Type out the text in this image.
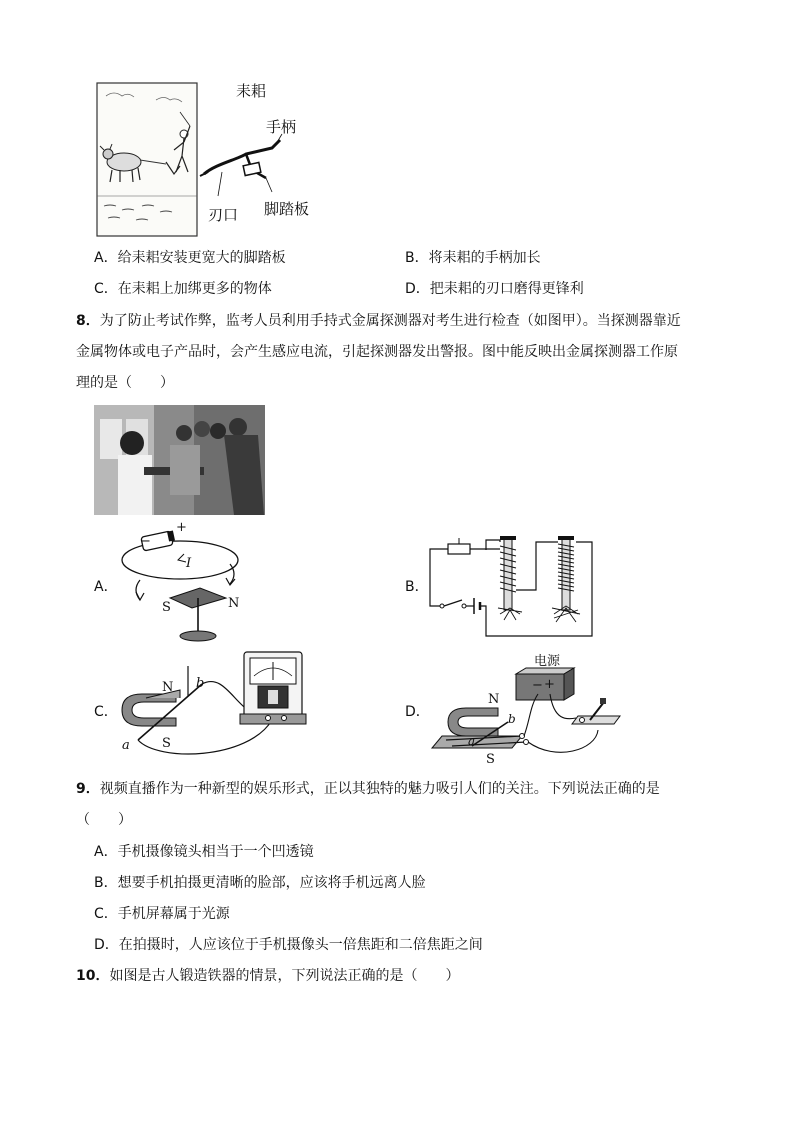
耒耜
手柄
刃口 脚踏板
A．给耒耜安装更宽大的脚踏板	B．将耒耜的手柄加长
C．在耒耜上加绑更多的物体	D．把耒耜的刃口磨得更锋利
8．为了防止考试作弊，监考人员利用手持式金属探测器对考生进行检查（如图甲）。当探测器靠近
金属物体或电子产品时，会产生感应电流，引起探测器发出警报。图中能反映出金属探测器工作原
理的是（　　）
A．
+
−
I
S	N
B．
C．
N
S
a
b
D．
电源
− +
N
S
a
b
9．视频直播作为一种新型的娱乐形式，正以其独特的魅力吸引人们的关注。下列说法正确的是
（　　）
A．手机摄像镜头相当于一个凹透镜
B．想要手机拍摄更清晰的脸部，应该将手机远离人脸
C．手机屏幕属于光源
D．在拍摄时，人应该位于手机摄像头一倍焦距和二倍焦距之间
10．如图是古人锻造铁器的情景，下列说法正确的是（　　）
